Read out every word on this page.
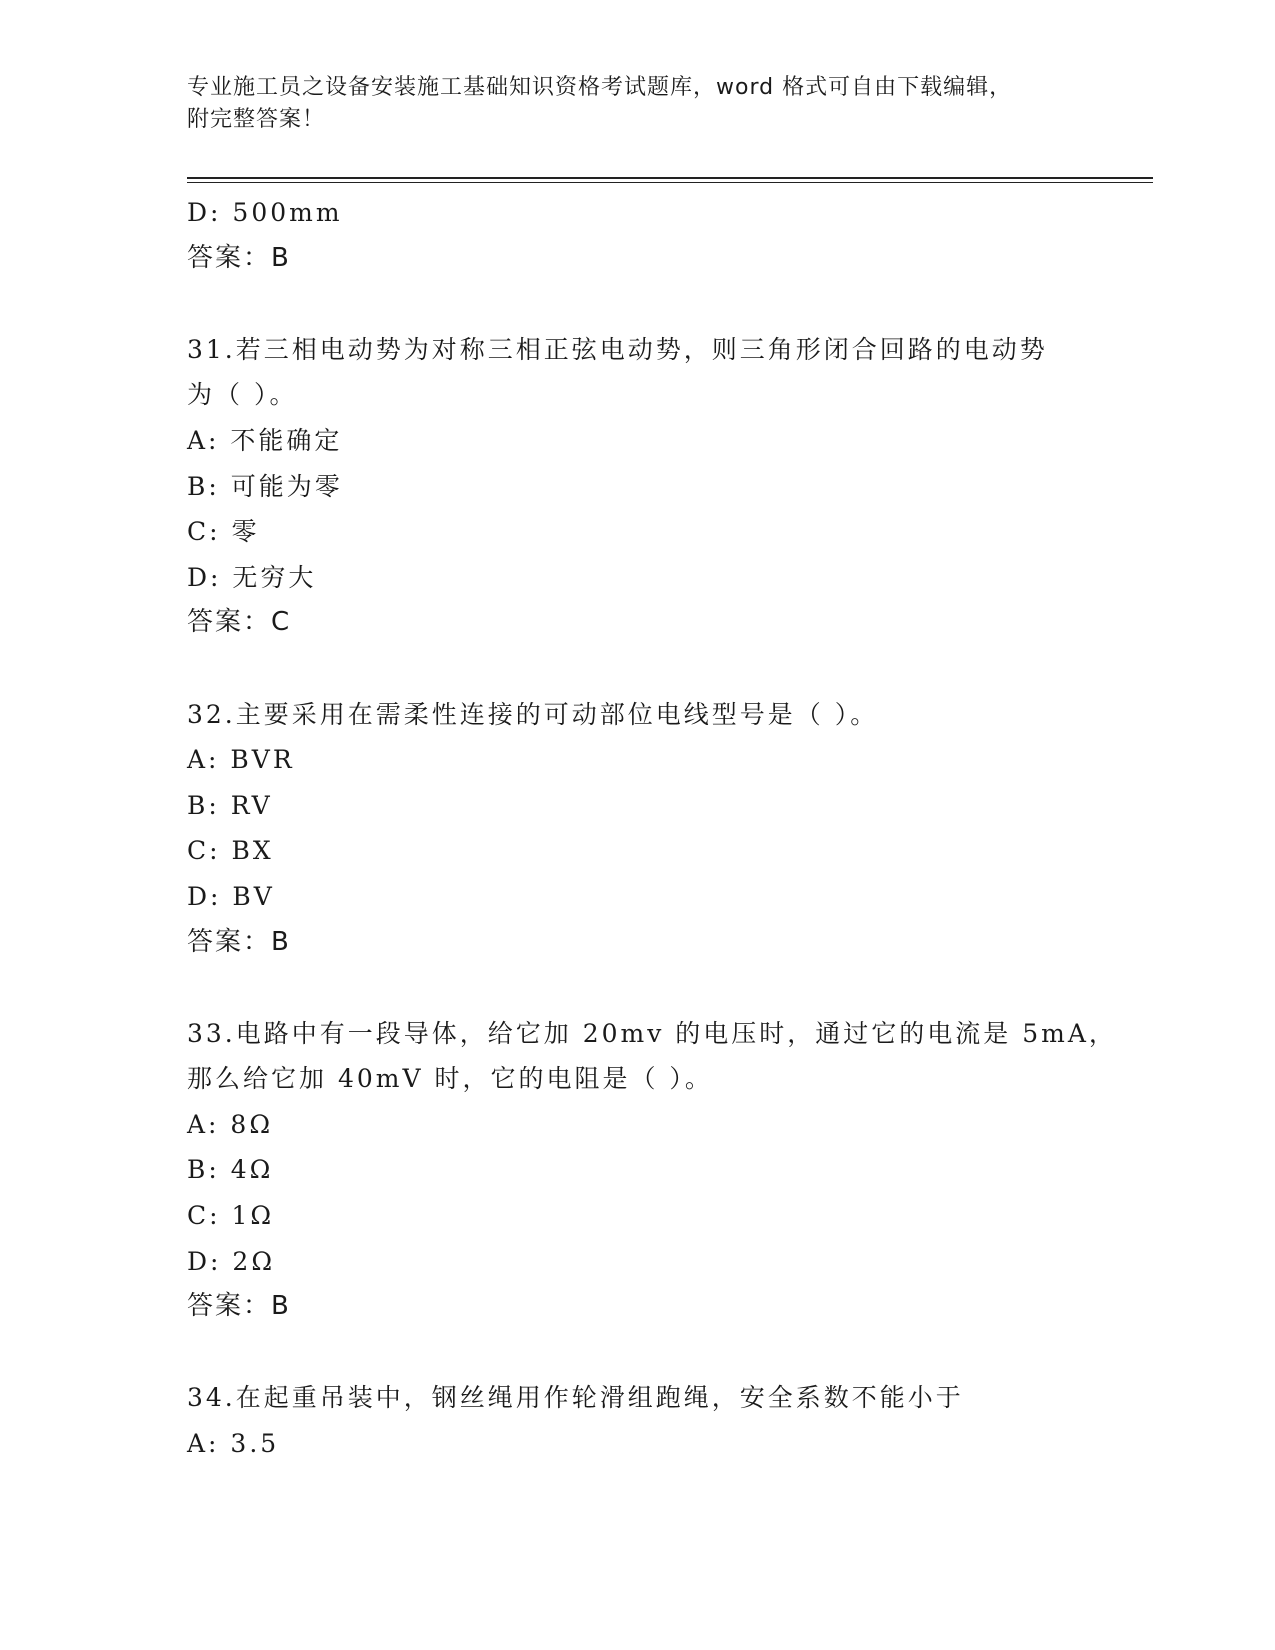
专业施工员之设备安装施工基础知识资格考试题库，word 格式可自由下载编辑，
附完整答案！
D: 500mm
答案：B
31.若三相电动势为对称三相正弦电动势，则三角形闭合回路的电动势
为（ ）。
A: 不能确定
B: 可能为零
C: 零
D: 无穷大
答案：C
32.主要采用在需柔性连接的可动部位电线型号是（ ）。
A: BVR
B: RV
C: BX
D: BV
答案：B
33.电路中有一段导体，给它加 20mv 的电压时，通过它的电流是 5mA，
那么给它加 40mV 时，它的电阻是（ ）。
A: 8Ω
B: 4Ω
C: 1Ω
D: 2Ω
答案：B
34.在起重吊装中，钢丝绳用作轮滑组跑绳，安全系数不能小于
A: 3.5
